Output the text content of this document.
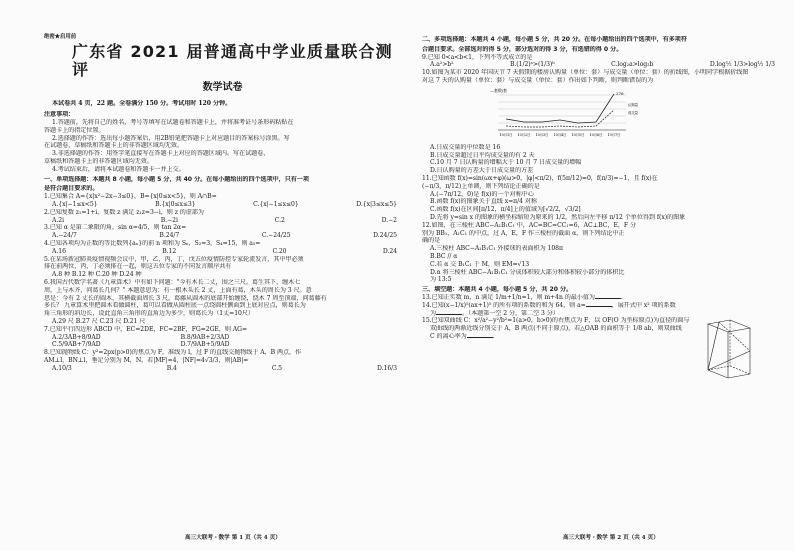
绝密★启用前
广东省 2021 届普通高中学业质量联合测评
数学试卷

本试卷共 4 页，22 题。全卷满分 150 分。考试用时 120 分钟。

注意事项：

1.答题前，先将自己的姓名，考号等填写在试题卷和答题卡上，并将准考证号条形码粘贴在

答题卡上的指定位置。

2.选择题的作答：选出每小题答案后，用2B铅笔把答题卡上对应题目的答案标号涂黑。写

在试题卷，草稿纸和答题卡上的非答题区域均无效。

3.非选择题的作答：用签字笔直接写在答题卡上对应的答题区域内。写在试题卷、

草稿纸和答题卡上的非答题区域均无效。

4.考试结束后，请将本试题卷和答题卡一并上交。

一、单项选择题：本题共 8 小题，每小题 5 分，共 40 分。在每小题给出的四个选项中，只有一项

是符合题目要求的。

1.已知集合 A={x|x²−2x−3≤0}，B={x|0≤x<5}，则 A∩B=

A.{x|−1≤x<5}	B.{x|0≤x≤3}	C.{x|−1≤x≤0}	D.{x|3≤x≤5}

2.已知复数 z₁=1+i，复数 z 满足 z₁z=3−i，则 z 的虚部为

A.2i	B.−2i	C.2	D.−2

3.已知 α 是第二象限的角，sin α=4/5，则 tan 2α=

A.−24/7	B.24/7	C.−24/25	D.24/25

4.已知各项均为正数的等比数列{aₙ}的前 n 项和为 Sₙ，S₂=3，S₄=15，则 a₅=

A.16	B.12	C.20	D.24

5.在某场新冠肺炎疫情视频会议中，甲，乙，丙，丁，戊五位疫情防控专家轮流发言，其中甲必须

排在前两位，丙，丁必须排在一起，则这五位专家的不同发言顺序共有

A.8 种 B.12 种 C.20 种 D.24 种

6.我国古代数学名著《九章算术》中有如下问题："今有木长二丈，围之三尺。葛生其下，缠木七

周，上与木齐，问葛长几何？" 本题意思为：有一根木头长 2 丈，上面有葛，木头的周长为 3 尺。意

思是：今有 2 丈长的圆木，其横截面周长 3 尺，葛藤从圆木的底部开始缠绕，绕木 7 周至顶端，问葛藤有

多长？ 九章算术里把圆木看做圆柱，葛可以看做从圆柱底一点绕圆柱侧面到上底对应点，则葛长为

角三角形的斜边长，设此直角三角形的直角边为多少，则葛长为（1丈=10尺）

A.29 尺 B.27 尺 C.23 尺 D.21 尺

7.已知平行四边形 ABCD 中，EC=2DE，FC=2BF，FG=2GE，则 AG=

A.2/3AB+8/9AD	B.8/9AB+2/3AD
C.5/9AB+7/9AD	D.7/9AB+5/9AD

8.已知抛物线 C：y²=2px(p>0)的焦点为 F，准线为 l，过 F 的直线交抛物线于 A，B 两点，作

AM⊥l，BN⊥l，垂足分别为 M，N，若|MF|=4，|NF|=4√3/3，则|AB|=

A.10/3	B.4	C.5	D.16/3

二、多项选择题：本题共 4 小题，每小题 5 分，共 20 分。在每小题给出的四个选项中，有多项符

合题目要求。全部选对的得 5 分，部分选对的得 3 分，有选错的得 0 分。

9.已知 0<a<b<1，下列不等式成立的是

A.a²>b²	B.(1/2)ᵃ>(1/3)ᵇ	C.log₂a>log₂b	D.log½ 1/3>log½ 1/3

10.如图为某市 2020 年国庆节 7 天假期的楼房认购量（单位：套）与成交量（单位：套）的折线图，小明同学根据折线图

对这 7 天的认购量（单位：套）与成交量（单位：套）作出如下判断，则判断错误的为

—套数/套
276
10月1日 10月2日 10月3日 10月4日 10月5日 10月6日 10月7日
认购量
成交量

A.日成交量的中位数是 16

B.日成交量超过日平均成交量的有 2 天

C.10 月 7 日认购量的增幅大于 10 月 7 日成交量的增幅

D.日认购量的方差大于日成交量的方差

11.已知函数 f(x)=sin(ωx+φ)(ω>0，|φ|<π/2)，f(5π/12)=0，f(π/3)=−1，且 f(x)在

(−π/3，π/12)上单调，则下列结论正确的是

A.(−7π/12，0)是 f(x)的一个对称中心

B.函数 f(x)的图象关于直线 x=π/4 对称

C.函数 f(x)在区间[π/12，π/4]上的值域为[√2/2，√3/2]

D.先将 y=sin x 的图象的横坐标缩短为原来的 1/2，然后向左平移 π/12 个单位得到 f(x)的图象

12.如图，在三棱柱 ABC−A₁B₁C₁ 中，AC=BC=CC₁=6，AC⊥BC，E，F 分

别为 BB₁，A₁C₁ 的中点，过 A，E，F 作三棱柱的截面 α，则下列结论中正

确的是

A.三棱柱 ABC−A₁B₁C₁ 外接球的表面积为 108π

B.BC // α

C.若 α 交 B₁C₁ 于 M，则 EM=√13

D.α 将三棱柱 ABC−A₁B₁C₁ 分成体积较大部分和体积较小部分的体积比

为 13:5

三、填空题：本题共 4 小题，每小题 5 分，共 20 分。

13.已知正实数 m，n 满足 1/m+1/n=1，则 m+4n 的最小值为	.

14.已知(x−1/x)⁵(ax+1)⁵ 的所有项的系数的和为 64，则 a=	，展开式中 x² 项的系数

为	。（本题第一空 2 分，第二空 3 分）

15.已知双曲线 C：x²/a²−y²/b²=1(a>0，b>0)的右焦点为 F，以 OF(O 为坐标原点)为直径的圆与

双曲线的两渐近线分别交于 A，B 两点(不同于原点)，若△OAB 的面积等于 1/8 ab，则双曲线

C 的离心率为	.

高三大联考・数学 第 1 页（共 4 页）	高三大联考・数学 第 2 页（共 4 页）
